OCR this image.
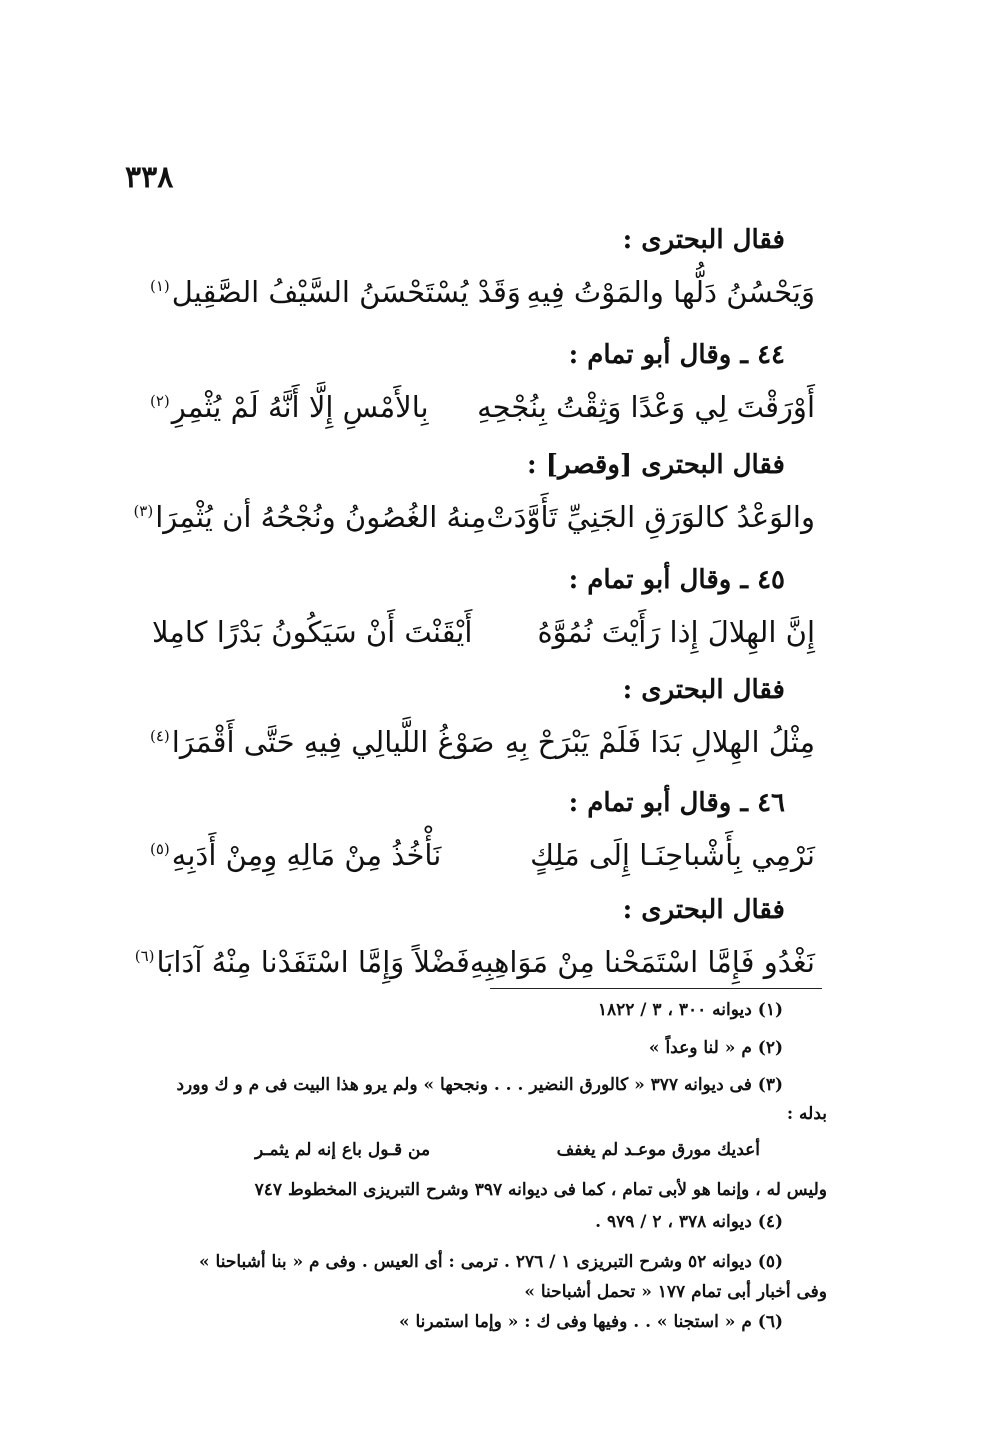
٣٣٨
فقال البحترى :
وَيَحْسُنُ دَلُّها والمَوْتُ فِيهِ
وَقَدْ يُسْتَحْسَنُ السَّيْفُ الصَّقِيل$^{(١)}$
٤٤ ـ وقال أبو تمام :
أَوْرَقْتَ لِي وَعْدًا وَثِقْتُ بِنُجْحِهِ
بِالأَمْسِ إِلَّا أَنَّهُ لَمْ يُثْمِرِ$^{(٢)}$
فقال البحترى [وقصر] :
والوَعْدُ كالوَرَقِ الجَنِيِّ تَأَوَّدَتْ
مِنهُ الغُصُونُ ونُجْحُهُ أن يُثْمِرَا$^{(٣)}$
٤٥ ـ وقال أبو تمام :
إِنَّ الهِلالَ إِذا رَأَيْتَ نُمُوَّهُ
أَيْقَنْتَ أَنْ سَيَكُونُ بَدْرًا كامِلا
فقال البحترى :
مِثْلُ الهِلالِ بَدَا فَلَمْ يَبْرَحْ بِهِ
صَوْغُ اللَّيالِي فِيهِ حَتَّى أَقْمَرَا$^{(٤)}$
٤٦ ـ وقال أبو تمام :
نَرْمِي بِأَشْباحِنَـا إِلَى مَلِكٍ
نَأْخُذُ مِنْ مَالِهِ وِمِنْ أَدَبِهِ$^{(٥)}$
فقال البحترى :
نَغْدُو فَإِمَّا اسْتَمَحْنا مِنْ مَوَاهِبِهِ
فَضْلاً وَإِمَّا اسْتَفَدْنا مِنْهُ آدَابَا$^{(٦)}$
(١) ديوانه ٣٠٠ ، ٣ / ١٨٢٢
(٢) م « لنا وعداً »
(٣) فى ديوانه ٣٧٧ « كالورق النضير . . . ونجحها » ولم يرو هذا البيت فى م و ك وورد
بدله :
أعديك مورق موعـد لم يغفف
من قـول باع إنه لم يثمـر
وليس له ، وإنما هو لأبى تمام ، كما فى ديوانه ٣٩٧ وشرح التبريزى المخطوط ٧٤٧
(٤) ديوانه ٣٧٨ ، ٢ / ٩٧٩ .
(٥) ديوانه ٥٢ وشرح التبريزى ١ / ٢٧٦ . ترمى : أى العيس . وفى م « بنا أشباحنا »
وفى أخبار أبى تمام ١٧٧ « تحمل أشباحنا »
(٦) م « استجنا » . . وفيها وفى ك : « وإما استمرنا »
